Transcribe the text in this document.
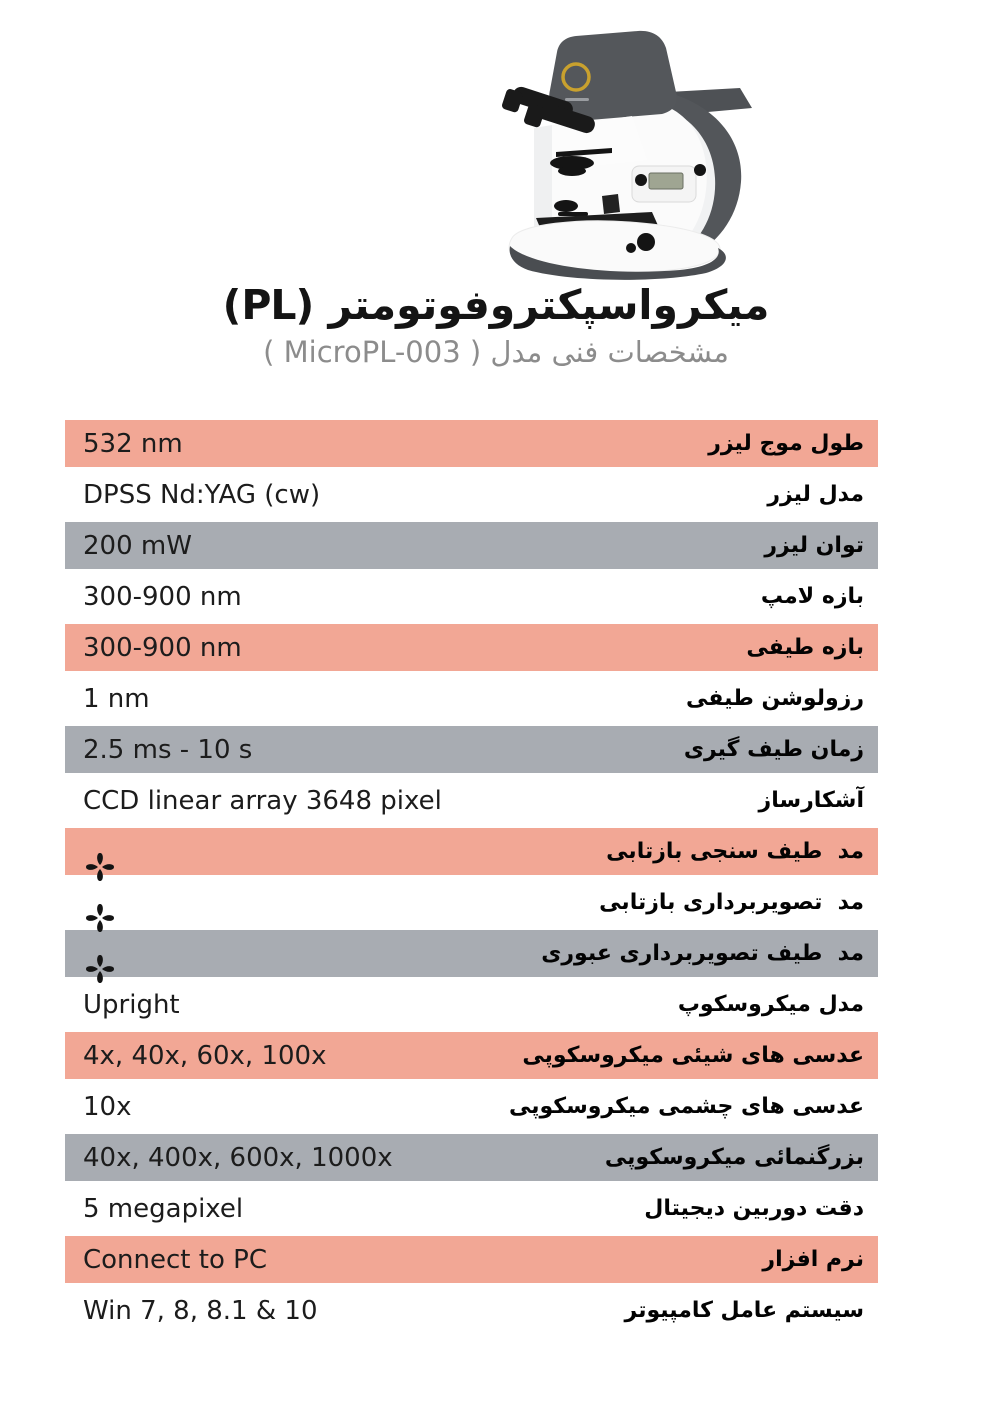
میکرواسپکتروفوتومتر (PL)
مشخصات فنی مدل ( MicroPL-003 )
532 nm	طول موج لیزر
DPSS Nd:YAG (cw)	مدل لیزر
200 mW	توان لیزر
300-900 nm	بازه لامپ
300-900 nm	بازه طیفی
1 nm	رزولوشن طیفی
2.5 ms - 10 s	زمان طیف گیری
CCD linear array 3648 pixel	آشکارساز

مد  طیف سنجی بازتابی

مد  تصویربرداری بازتابی

مد  طیف تصویربرداری عبوری
Upright	مدل میکروسکوپ
4x, 40x, 60x, 100x	عدسی های شیئی میکروسکوپی
10x	عدسی های چشمی میکروسکوپی
40x, 400x, 600x, 1000x	بزرگنمائی میکروسکوپی
5 megapixel	دقت دوربین دیجیتال
Connect to PC	نرم افزار
Win 7, 8, 8.1 & 10	سیستم عامل کامپیوتر
